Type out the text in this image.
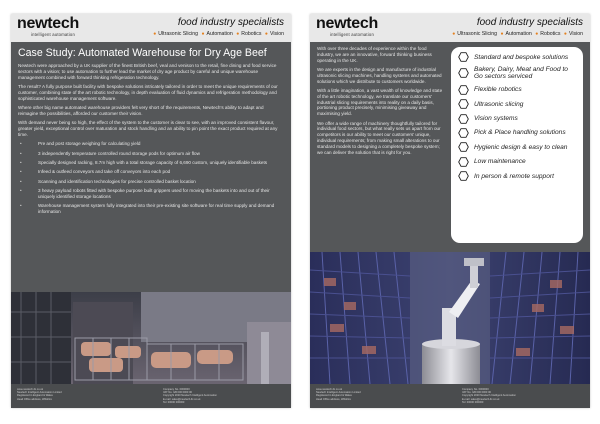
newtech
intelligent automation
food industry specialists
● Ultrasonic Slicing ● Automation ● Robotics ● Vision
Case Study: Automated Warehouse for Dry Age Beef

Newtech were approached by a UK supplier of the finest British beef, veal and venison to the retail, fine dining and food service sectors with a vision; to use automation to further lead the market of dry age product by careful and unique warehouse management combined with forward thinking refrigeration technology.

The result? A fully purpose built facility with bespoke solutions intricately tailored in order to meet the unique requirements of our customer, combining state of the art robotic technology, in depth evaluation of fluid dynamics and refrigeration methodology and sophisticated warehouse management software.

Where other big name automated warehouse providers felt very short of the requirements, Newtech's ability to adapt and reimagine the possibilities, afforded our customer their vision.

With demand never being so high, the effect of the system to the customer is clear to see, with an improved consistent flavour, greater yield, exceptional control over maturation and stock handling and an ability to pin point the exact product required at any time.

• Pre and post storage weighing for calculating yield
• 3 independently temperature controlled round storage pods for optimum air flow
• Specially designed racking, 8.7m high with a total storage capacity of 6,690 custom, uniquely identifiable baskets
• Infeed & outfeed conveyors and take off conveyors into each pod
• Scanning and identification technologies for precise controlled basket location
• 3 heavy payload robots fitted with bespoke purpose built grippers used for moving the baskets into and out of their uniquely identified storage locations
• Warehouse management system fully integrated into their pre-existing site software for real time supply and demand information
www.newtech-llc.co.uk
Newtech Intelligent Automation Limited
Registered in England & Wales
Head Office address, Wiltshire
Company No. 0000000
VAT No. GB 000 0000 00
Copyright 2020 Newtech Intelligent Automation
E-mail: sales@newtech-llc.co.uk
Tel: 00000 000000
newtech
intelligent automation
food industry specialists
● Ultrasonic Slicing ● Automation ● Robotics ● Vision

With over three decades of experience within the food industry, we are an innovative, forward thinking business operating in the UK.

We are experts in the design and manufacture of industrial ultrasonic slicing machines, handling systems and automated solutions which we distribute to customers worldwide.

With a little imagination, a vast wealth of knowledge and state of the art robotic technology, we translate our customers' industrial slicing requirements into reality on a daily basis, portioning product precisely, minimising giveaway and maximising yield.

We offer a wide range of machinery thoughtfully tailored for individual food sectors, but what really sets us apart from our competitors is our ability to meet our customers' unique, individual requirements; from making small alterations to our standard models to designing a completely bespoke system; we can deliver the solution that is right for you.

Standard and bespoke solutions
Bakery, Dairy, Meat and Food to Go sectors serviced
Flexible robotics
Ultrasonic slicing
Vision systems
Pick & Place handling solutions
Hygienic design & easy to clean
Low maintenance
In person & remote support
www.newtech-llc.co.uk
Newtech Intelligent Automation Limited
Registered in England & Wales
Head Office address, Wiltshire
Company No. 0000000
VAT No. GB 000 0000 00
Copyright 2020 Newtech Intelligent Automation
E-mail: sales@newtech-llc.co.uk
Tel: 00000 000000
